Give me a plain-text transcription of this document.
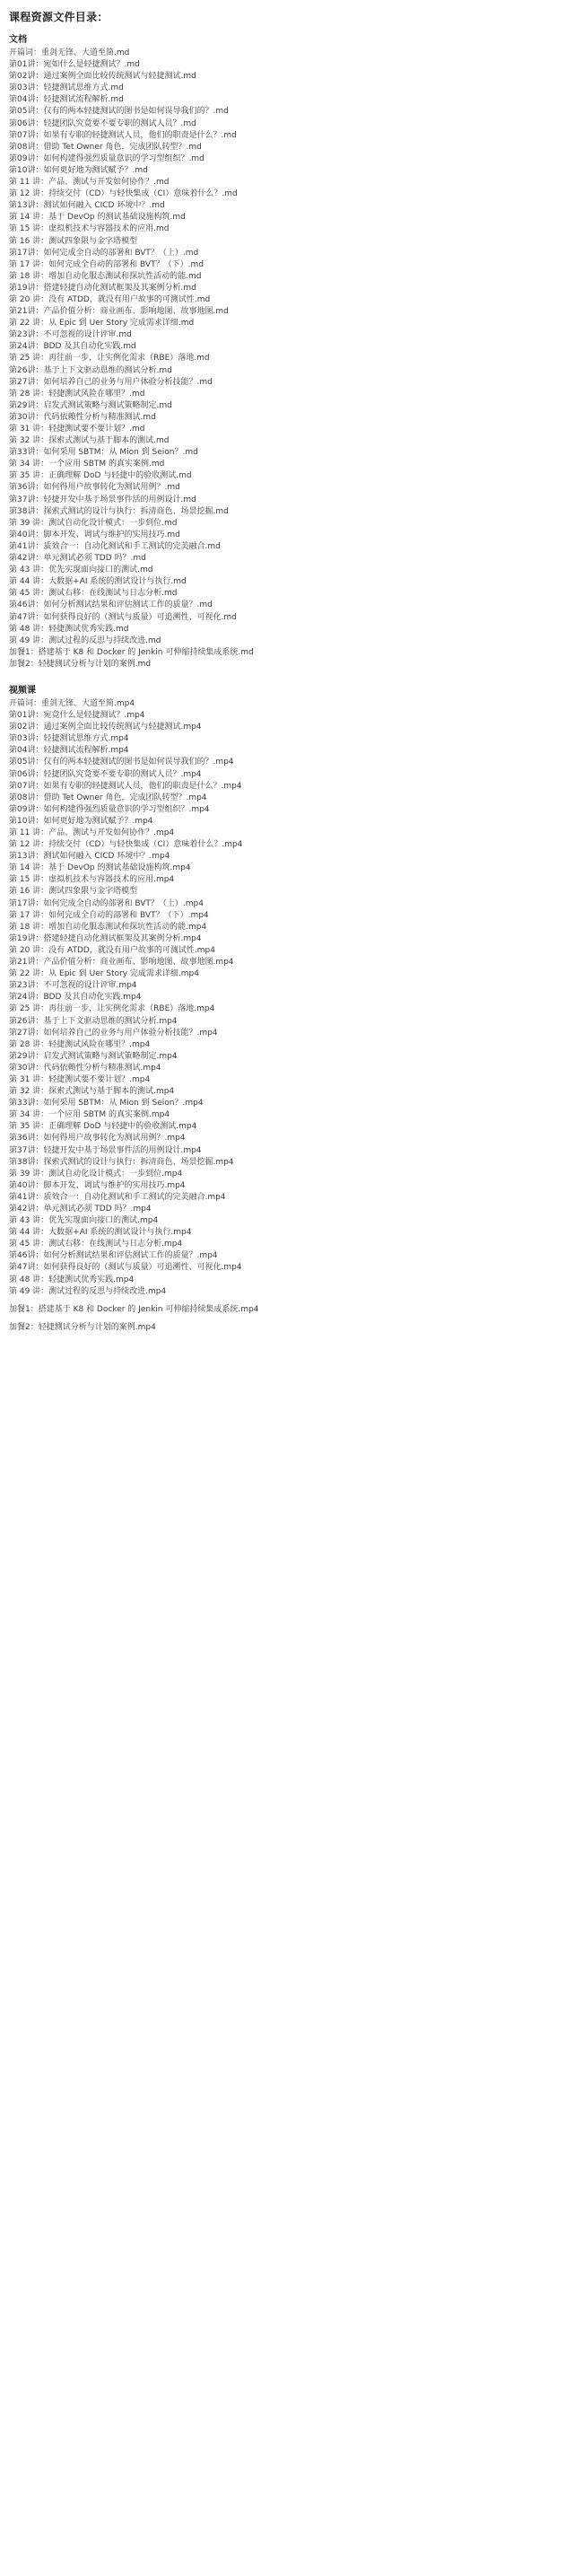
课程资源文件目录：
文档
开篇词：重剑无锋、大道至简.md
第01讲：宛如什么是轻捷测试？.md
第02讲：通过案例全面比较传统测试与轻捷测试.md
第03讲：轻捷测试思维方式.md
第04讲：轻捷测试流程解析.md
第05讲：仅有的两本轻捷测试的图书是如何误导我们的？.md
第06讲：轻捷团队究竟要不要专职的测试人员？.md
第07讲：如果有专职的轻捷测试人员，他们的职责是什么？.md
第08讲：借助 Tet Owner 角色，完成团队转型？.md
第09讲：如何构建得强烈质量意识的学习型组织？.md
第10讲：如何更好地为测试赋予？.md
第 11 讲：产品、测试与开发如何协作？.md
第 12 讲：持续交付（CD）与轻快集成（CI）意味着什么？.md
第13讲：测试如何融入 CICD 环境中？.md
第 14 讲：基于 DevOp 的测试基础设施构筑.md
第 15 讲：虚拟机技术与容器技术的应用.md
第 16 讲：测试四象限与金字塔模型
第17讲：如何完成全自动的部署和 BVT？（上）.md
第 17 讲：如何完成全自动的部署和 BVT？（下）.md
第 18 讲：增加自动化服态测试和探坑性活动的能.md
第19讲：搭建轻捷自动化测试框架及其案例分析.md
第 20 讲：没有 ATDD，就没有用户故事的可测试性.md
第21讲：产品价值分析：商业画布、影响地图、故事地图.md
第 22 讲：从 Epic 到 Uer Story 完成需求详细.md
第23讲：不可忽视的设计评审.md
第24讲：BDD 及其自动化实践.md
第 25 讲：再往前一步，让实例化需求（RBE）落地.md
第26讲：基于上下文驱动思维的测试分析.md
第27讲：如何培养自己的业务与用户体验分析技能？.md
第 28 讲：轻捷测试风险在哪里？.md
第29讲：启发式测试策略与测试策略制定.md
第30讲：代码依赖性分析与精准测试.md
第 31 讲：轻捷测试要不要计划？.md
第 32 讲：探索式测试与基于脚本的测试.md
第33讲：如何采用 SBTM：从 Mion 到 Seion？.md
第 34 讲：一个应用 SBTM 的真实案例.md
第 35 讲：正确理解 DoD 与轻捷中的验收测试.md
第36讲：如何得用户故事转化为测试用例？.md
第37讲：轻捷开发中基于场景事件活的用例设计.md
第38讲：探索式测试的设计与执行：拆清商色、场景挖掘.md
第 39 讲：测试自动化设计模式：一步到位.md
第40讲：脚本开发、调试与维护的实用技巧.md
第41讲：质效合一：自动化测试和手工测试的完美融合.md
第42讲：单元测试必须 TDD 吗？.md
第 43 讲：优先实现面向接口的测试.md
第 44 讲：大数据+AI 系统的测试设计与执行.md
第 45 讲：测试右移：在线测试与日志分析.md
第46讲：如何分析测试结果和评估测试工作的质量？.md
第47讲：如何获得良好的（测试与质量）可追溯性、可视化.md
第 48 讲：轻捷测试优秀实践.md
第 49 讲：测试过程的反思与持续改进.md
加餐1：搭建基于 K8 和 Docker 的 Jenkin 可伸缩持续集成系统.md
加餐2：轻捷测试分析与计划的案例.md
视频课
开篇词：重剑无锋、大道至简.mp4
第01讲：宛竟什么是轻捷测试？.mp4
第02讲：通过案例全面比较传统测试与轻捷测试.mp4
第03讲：轻捷测试思维方式.mp4
第04讲：轻捷测试流程解析.mp4
第05讲：仅有的两本轻捷测试的图书是如何误导我们的？.mp4
第06讲：轻捷团队究竟要不要专职的测试人员？.mp4
第07讲：如果有专职的轻捷测试人员，他们的职责是什么？.mp4
第08讲：借助 Tet Owner 角色，完成团队转型？.mp4
第09讲：如何构建得强烈质量意识的学习型组织？.mp4
第10讲：如何更好地为测试赋予？.mp4
第 11 讲：产品、测试与开发如何协作？.mp4
第 12 讲：持续交付（CD）与轻快集成（CI）意味着什么？.mp4
第13讲：测试如何融入 CICD 环境中？.mp4
第 14 讲：基于 DevOp 的测试基础设施构筑.mp4
第 15 讲：虚拟机技术与容器技术的应用.mp4
第 16 讲：测试四象限与金字塔模型
第17讲：如何完成全自动的部署和 BVT？（上）.mp4
第 17 讲：如何完成全自动的部署和 BVT？（下）.mp4
第 18 讲：增加自动化服态测试和探坑性活动的能.mp4
第19讲：搭建轻捷自动化测试框架及其案例分析.mp4
第 20 讲：没有 ATDD，就没有用户故事的可测试性.mp4
第21讲：产品价值分析：商业画布、影响地图、故事地图.mp4
第 22 讲：从 Epic 到 Uer Story 完成需求详细.mp4
第23讲：不可忽视的设计评审.mp4
第24讲：BDD 及其自动化实践.mp4
第 25 讲：再往前一步，让实例化需求（RBE）落地.mp4
第26讲：基于上下文驱动思维的测试分析.mp4
第27讲：如何培养自己的业务与用户体验分析技能？.mp4
第 28 讲：轻捷测试风险在哪里？.mp4
第29讲：启发式测试策略与测试策略制定.mp4
第30讲：代码依赖性分析与精准测试.mp4
第 31 讲：轻捷测试要不要计划？.mp4
第 32 讲：探索式测试与基于脚本的测试.mp4
第33讲：如何采用 SBTM：从 Mion 到 Seion？.mp4
第 34 讲：一个应用 SBTM 的真实案例.mp4
第 35 讲：正确理解 DoD 与轻捷中的验收测试.mp4
第36讲：如何得用户故事转化为测试用例？.mp4
第37讲：轻捷开发中基于场景事件活的用例设计.mp4
第38讲：探索式测试的设计与执行：拆清商色、场景挖掘.mp4
第 39 讲：测试自动化设计模式：一步到位.mp4
第40讲：脚本开发、调试与维护的实用技巧.mp4
第41讲：质效合一：自动化测试和手工测试的完美融合.mp4
第42讲：单元测试必须 TDD 吗？.mp4
第 43 讲：优先实现面向接口的测试.mp4
第 44 讲：大数据+AI 系统的测试设计与执行.mp4
第 45 讲：测试右移：在线测试与日志分析.mp4
第46讲：如何分析测试结果和评估测试工作的质量？.mp4
第47讲：如何获得良好的（测试与质量）可追溯性、可视化.mp4
第 48 讲：轻捷测试优秀实践.mp4
第 49 讲：测试过程的反思与持续改进.mp4
加餐1：搭建基于 K8 和 Docker 的 Jenkin 可伸缩持续集成系统.mp4
加餐2：轻捷测试分析与计划的案例.mp4
